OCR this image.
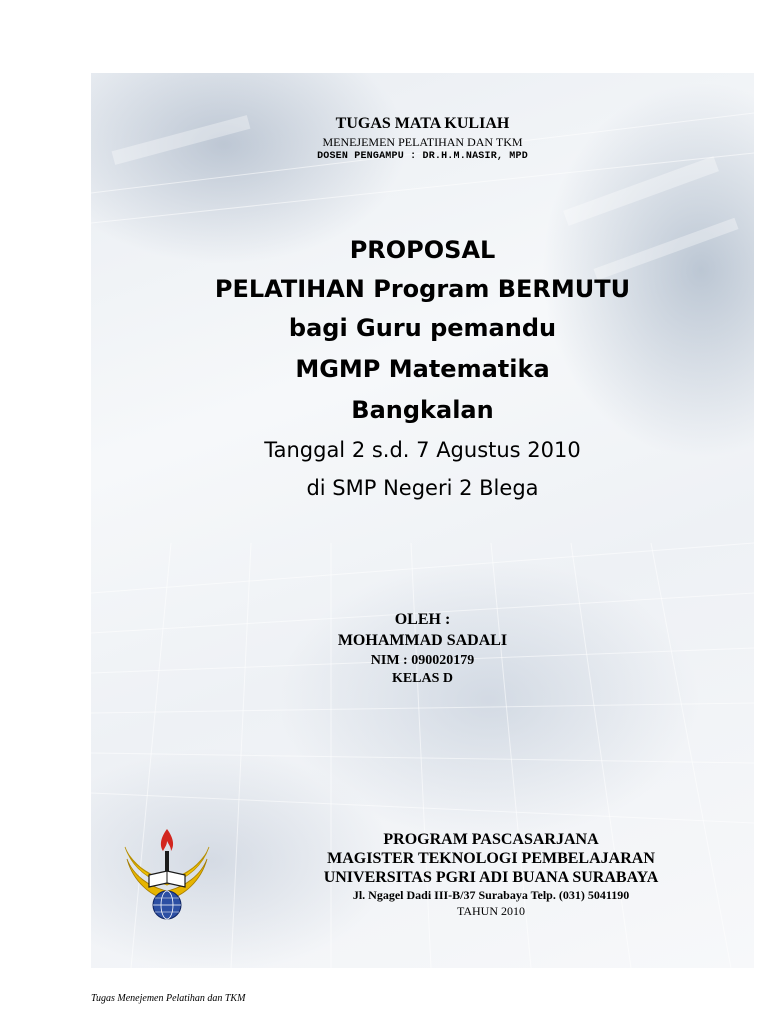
TUGAS MATA KULIAH
MENEJEMEN PELATIHAN DAN TKM
DOSEN PENGAMPU : DR.H.M.NASIR, MPD
PROPOSAL
PELATIHAN Program BERMUTU
bagi Guru pemandu
MGMP Matematika
Bangkalan
Tanggal 2 s.d. 7 Agustus 2010
di SMP Negeri 2 Blega
OLEH :
MOHAMMAD SADALI
NIM : 090020179
KELAS D
PROGRAM PASCASARJANA
MAGISTER TEKNOLOGI PEMBELAJARAN
UNIVERSITAS PGRI ADI BUANA SURABAYA
Jl. Ngagel Dadi III-B/37 Surabaya Telp. (031) 5041190
TAHUN 2010
Tugas Menejemen Pelatihan dan TKM
